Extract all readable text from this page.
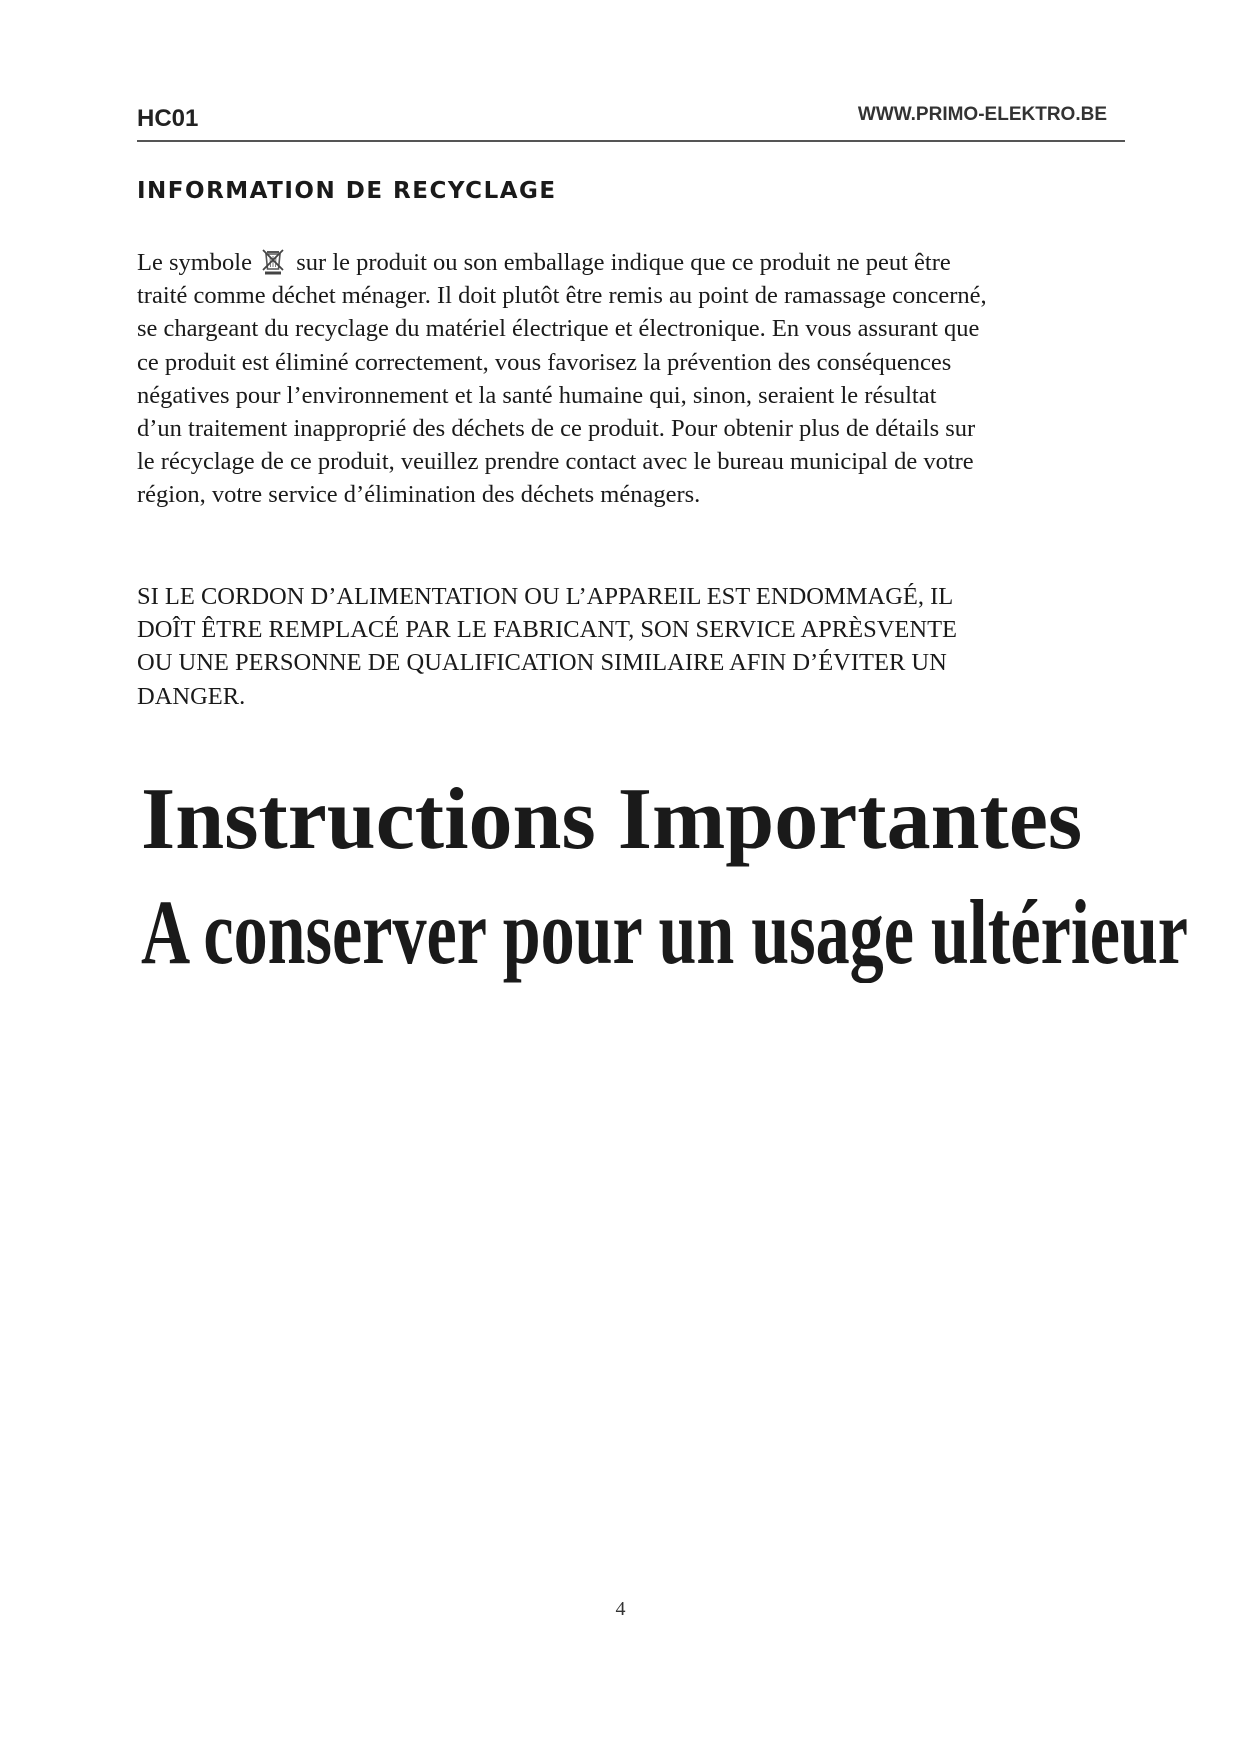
HC01	WWW.PRIMO-ELEKTRO.BE
INFORMATION DE RECYCLAGE

Le symbole  sur le produit ou son emballage indique que ce produit ne peut être

traité comme déchet ménager. Il doit plutôt être remis au point de ramassage concerné,

se chargeant du recyclage du matériel électrique et électronique. En vous assurant que

ce produit est éliminé correctement, vous favorisez la prévention des conséquences

négatives pour l’environnement et la santé humaine qui, sinon, seraient le résultat

d’un traitement inapproprié des déchets de ce produit. Pour obtenir plus de détails sur

le récyclage de ce produit, veuillez prendre contact avec le bureau municipal de votre

région, votre service d’élimination des déchets ménagers.

SI LE CORDON D’ALIMENTATION OU L’APPAREIL EST ENDOMMAGÉ, IL

DOÎT ÊTRE REMPLACÉ PAR LE FABRICANT, SON SERVICE APRÈSVENTE

OU UNE PERSONNE DE QUALIFICATION SIMILAIRE AFIN D’ÉVITER UN

DANGER.

Instructions Importantes
A conserver pour un usage ultérieur
4
